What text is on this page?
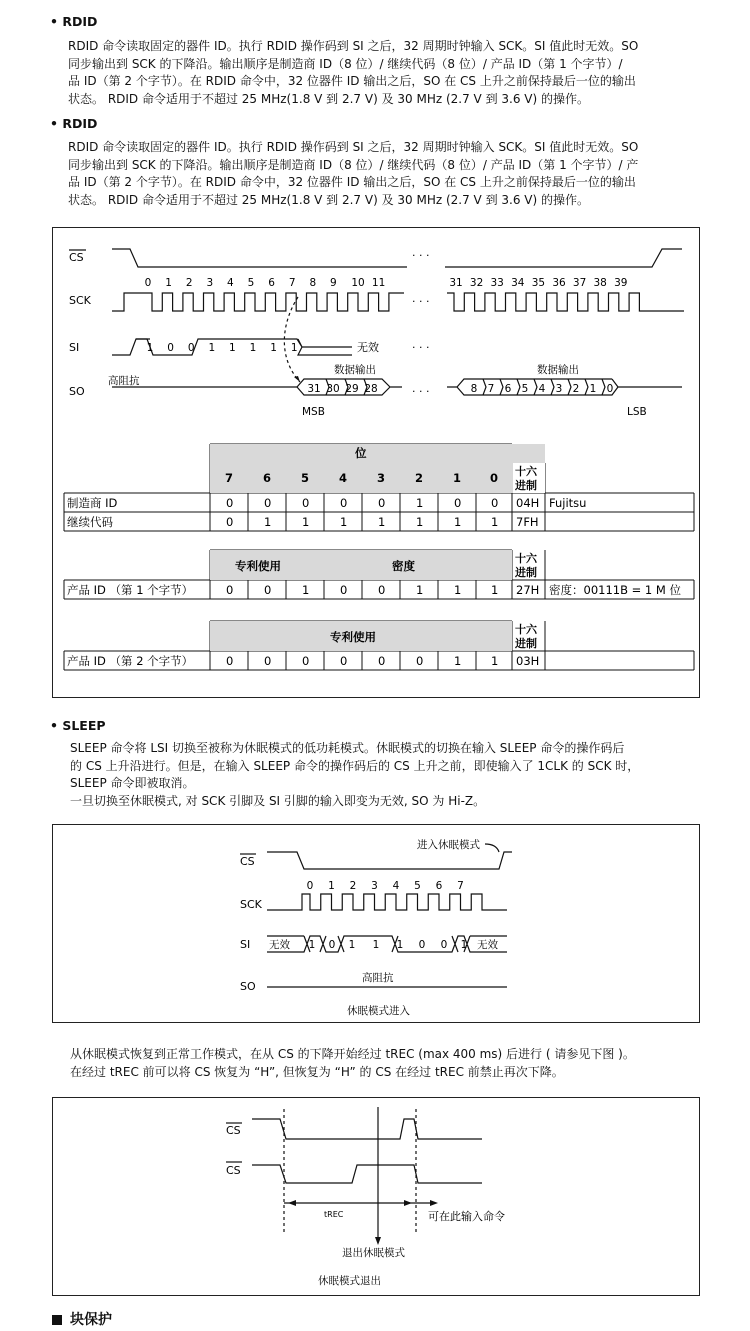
• RDID
RDID 命令读取固定的器件 ID。执行 RDID 操作码到 SI 之后，32 周期时钟输入 SCK。SI 值此时无效。SO
同步输出到 SCK 的下降沿。输出顺序是制造商 ID（8 位）/ 继续代码（8 位）/ 产品 ID（第 1 个字节）/
品 ID（第 2 个字节）。在 RDID 命令中，32 位器件 ID 输出之后，SO 在 CS 上升之前保持最后一位的输出
状态。 RDID 命令适用于不超过 25 MHz(1.8 V 到 2.7 V) 及 30 MHz (2.7 V 到 3.6 V) 的操作。
• RDID
RDID 命令读取固定的器件 ID。执行 RDID 操作码到 SI 之后，32 周期时钟输入 SCK。SI 值此时无效。SO
同步输出到 SCK 的下降沿。输出顺序是制造商 ID（8 位）/ 继续代码（8 位）/ 产品 ID（第 1 个字节）/ 产
品 ID（第 2 个字节）。在 RDID 命令中，32 位器件 ID 输出之后，SO 在 CS 上升之前保持最后一位的输出
状态。 RDID 命令适用于不超过 25 MHz(1.8 V 到 2.7 V) 及 30 MHz (2.7 V 到 3.6 V) 的操作。
CS
SCK
SI
SO
0 1 2 3 4 5 6 7 8 9 10 11	31 32 33 34 35 36 37 38 39
1 0 0 1 1 1 1 1
31 30 29 28	8 7 6 5 4 3 2 1 0
无效
数据输出	数据输出
高阻抗
MSB	LSB
· · ·
· · ·
· · ·
· · ·
位
7	6	5	4	3	2	1	0 十六
进制
制造商 ID	0	0	0	0	0	1	0	0 04H Fujitsu
继续代码	0	1	1	1	1	1	1	1 7FH
专利使用	密度
十六
进制
产品 ID （第 1 个字节）	0	0	1	0	0	1	1	1 27H 密度：00111B = 1 M 位
专利使用
十六
进制
产品 ID （第 2 个字节）	0	0	0	0	0	0	1	1 03H
• SLEEP
SLEEP 命令将 LSI 切换至被称为休眠模式的低功耗模式。休眠模式的切换在输入 SLEEP 命令的操作码后
的 CS 上升沿进行。但是，在输入 SLEEP 命令的操作码后的 CS 上升之前，即使输入了 1CLK 的 SCK 时，
SLEEP 命令即被取消。
一旦切换至休眠模式, 对 SCK 引脚及 SI 引脚的输入即变为无效, SO 为 Hi-Z。
CS
SCK
SI
SO
进入休眠模式
0 1 2 3 4 5 6 7
1 0 1 1 1 0 0 1
无效	无效
高阻抗
休眠模式进入
从休眠模式恢复到正常工作模式，在从 CS 的下降开始经过 tREC (max 400 ms) 后进行 ( 请参见下图 )。
在经过 tREC 前可以将 CS 恢复为 “H”, 但恢复为 “H” 的 CS 在经过 tREC 前禁止再次下降。
CS
CS
tREC	可在此输入命令
退出休眠模式
休眠模式退出
块保护
